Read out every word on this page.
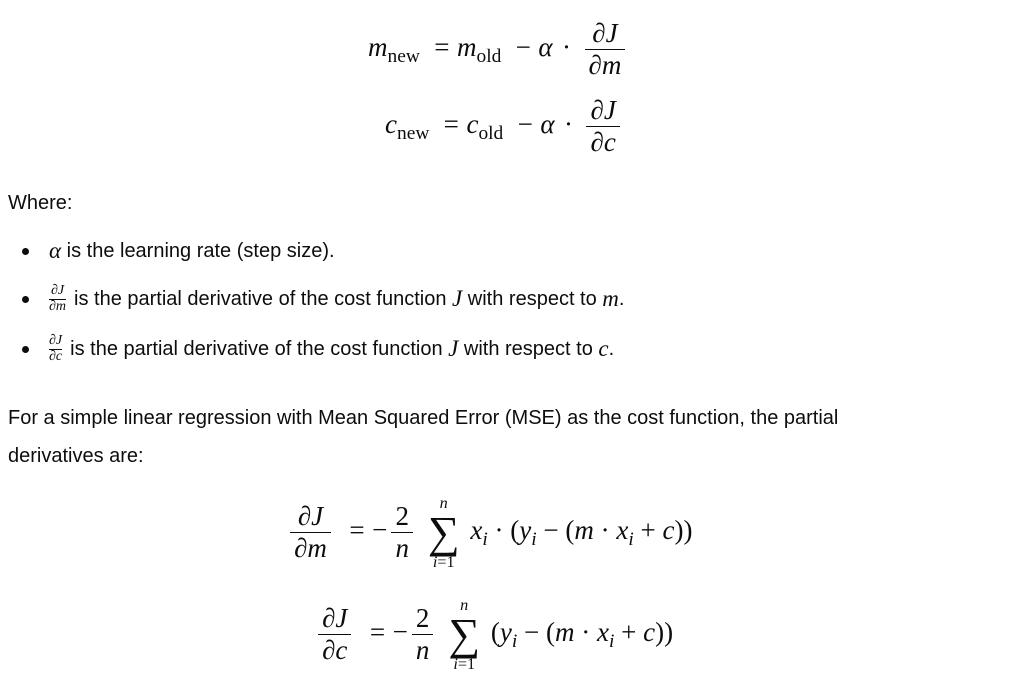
$m_{new} = m_{old} - \alpha \cdot \frac{\partial J}{\partial m}$
$c_{new} = c_{old} - \alpha \cdot \frac{\partial J}{\partial c}$
Where:
α is the learning rate (step size).
$\frac{\partial J}{\partial m}$ is the partial derivative of the cost function J with respect to m .
$\frac{\partial J}{\partial c}$ is the partial derivative of the cost function J with respect to c .
For a simple linear regression with Mean Squared Error (MSE) as the cost function, the partial
derivatives are:
$\frac{\partial J}{\partial m}$ = − $\frac{2}{n}$
n
∑
i=1
$x_i \cdot (y_i - (m \cdot x_i + c))$
$\frac{\partial J}{\partial c}$ = − $\frac{2}{n}$
n
∑
i=1
$(y_i - (m \cdot x_i + c))$
